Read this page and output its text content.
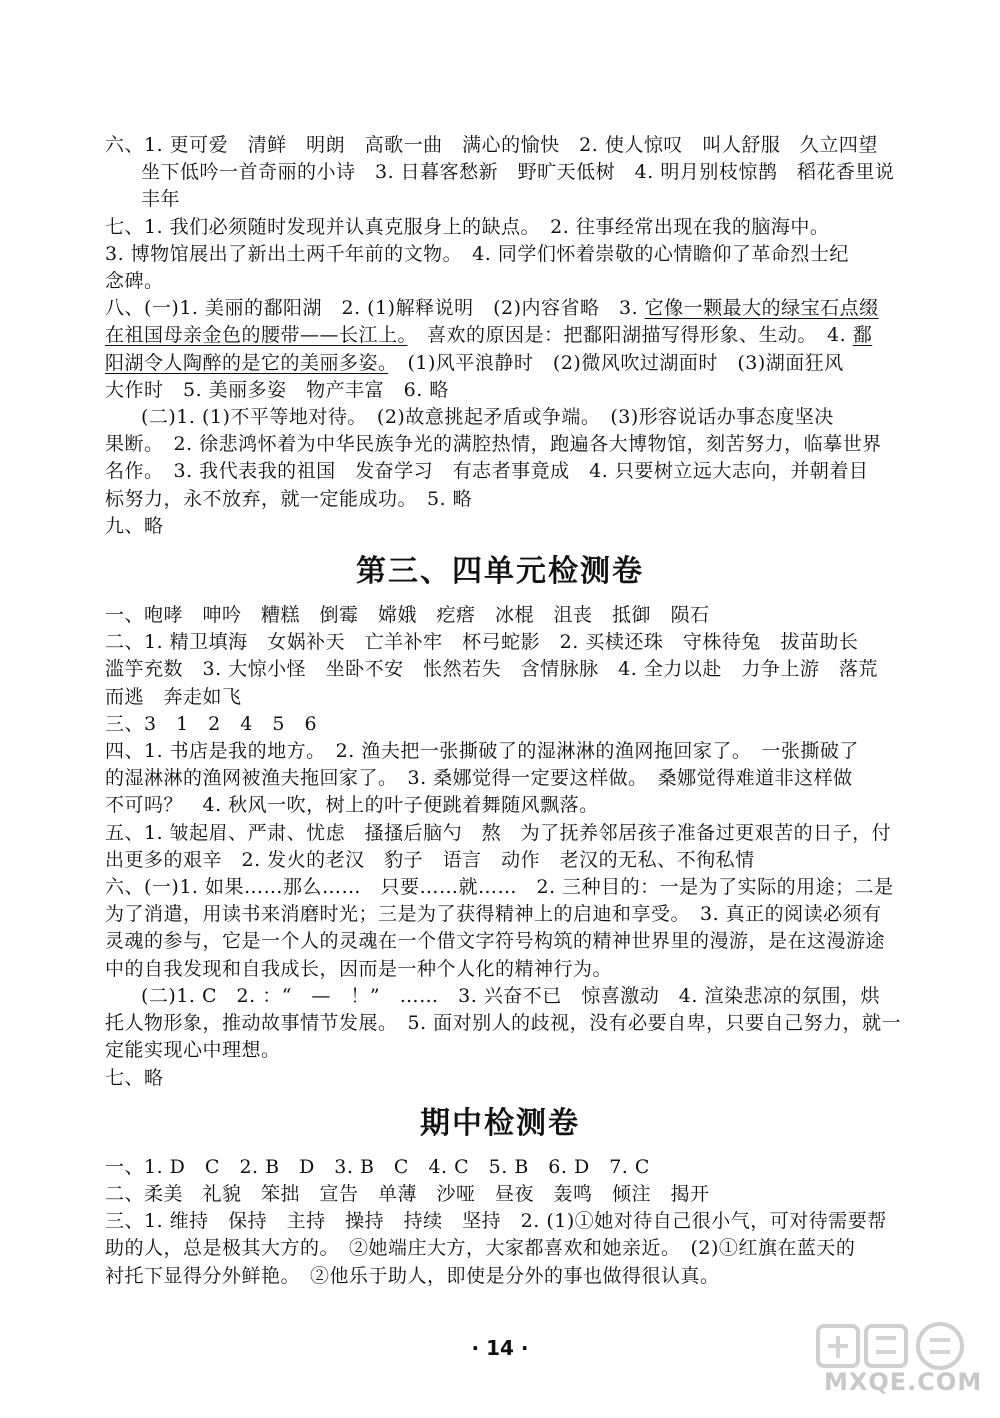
六、1. 更可爱　清鲜　明朗　高歌一曲　满心的愉快　2. 使人惊叹　叫人舒服　久立四望

坐下低吟一首奇丽的小诗　3. 日暮客愁新　野旷天低树　4. 明月别枝惊鹊　稻花香里说

丰年

七、1. 我们必须随时发现并认真克服身上的缺点。　2. 往事经常出现在我的脑海中。

3. 博物馆展出了新出土两千年前的文物。　4. 同学们怀着崇敬的心情瞻仰了革命烈士纪

念碑。

八、(一)1. 美丽的鄱阳湖　2. (1)解释说明　(2)内容省略　3. 它像一颗最大的绿宝石点缀

在祖国母亲金色的腰带——长江上。　喜欢的原因是：把鄱阳湖描写得形象、生动。　4. 鄱

阳湖令人陶醉的是它的美丽多姿。　(1)风平浪静时　(2)微风吹过湖面时　(3)湖面狂风

大作时　5. 美丽多姿　物产丰富　6. 略

(二)1. (1)不平等地对待。　(2)故意挑起矛盾或争端。　(3)形容说话办事态度坚决

果断。　2. 徐悲鸿怀着为中华民族争光的满腔热情，跑遍各大博物馆，刻苦努力，临摹世界

名作。　3. 我代表我的祖国　发奋学习　有志者事竟成　4. 只要树立远大志向，并朝着目

标努力，永不放弃，就一定能成功。　5. 略

九、略

第三、四单元检测卷

一、咆哮　呻吟　糟糕　倒霉　嫦娥　疙瘩　冰棍　沮丧　抵御　陨石

二、1. 精卫填海　女娲补天　亡羊补牢　杯弓蛇影　2. 买椟还珠　守株待兔　拔苗助长

滥竽充数　3. 大惊小怪　坐卧不安　怅然若失　含情脉脉　4. 全力以赴　力争上游　落荒

而逃　奔走如飞

三、3　1　2　4　5　6

四、1. 书店是我的地方。　2. 渔夫把一张撕破了的湿淋淋的渔网拖回家了。　一张撕破了

的湿淋淋的渔网被渔夫拖回家了。　3. 桑娜觉得一定要这样做。　桑娜觉得难道非这样做

不可吗？　4. 秋风一吹，树上的叶子便跳着舞随风飘落。

五、1. 皱起眉、严肃、忧虑　搔搔后脑勺　熬　为了抚养邻居孩子准备过更艰苦的日子，付

出更多的艰辛　2. 发火的老汉　豹子　语言　动作　老汉的无私、不徇私情

六、(一)1. 如果……那么……　只要……就……　2. 三种目的：一是为了实际的用途；二是

为了消遣，用读书来消磨时光；三是为了获得精神上的启迪和享受。　3. 真正的阅读必须有

灵魂的参与，它是一个人的灵魂在一个借文字符号构筑的精神世界里的漫游，是在这漫游途

中的自我发现和自我成长，因而是一种个人化的精神行为。

(二)1. C　2. ：“　—　！”　……　3. 兴奋不已　惊喜激动　4. 渲染悲凉的氛围，烘

托人物形象，推动故事情节发展。　5. 面对别人的歧视，没有必要自卑，只要自己努力，就一

定能实现心中理想。

七、略

期中检测卷

一、1. D　C　2. B　D　3. B　C　4. C　5. B　6. D　7. C

二、柔美　礼貌　笨拙　宣告　单薄　沙哑　昼夜　轰鸣　倾注　揭开

三、1. 维持　保持　主持　操持　持续　坚持　2. (1)①她对待自己很小气，可对待需要帮

助的人，总是极其大方的。　②她端庄大方，大家都喜欢和她亲近。　(2)①红旗在蓝天的

衬托下显得分外鲜艳。　②他乐于助人，即使是分外的事也做得很认真。

· 14 ·
MXQE.COM
